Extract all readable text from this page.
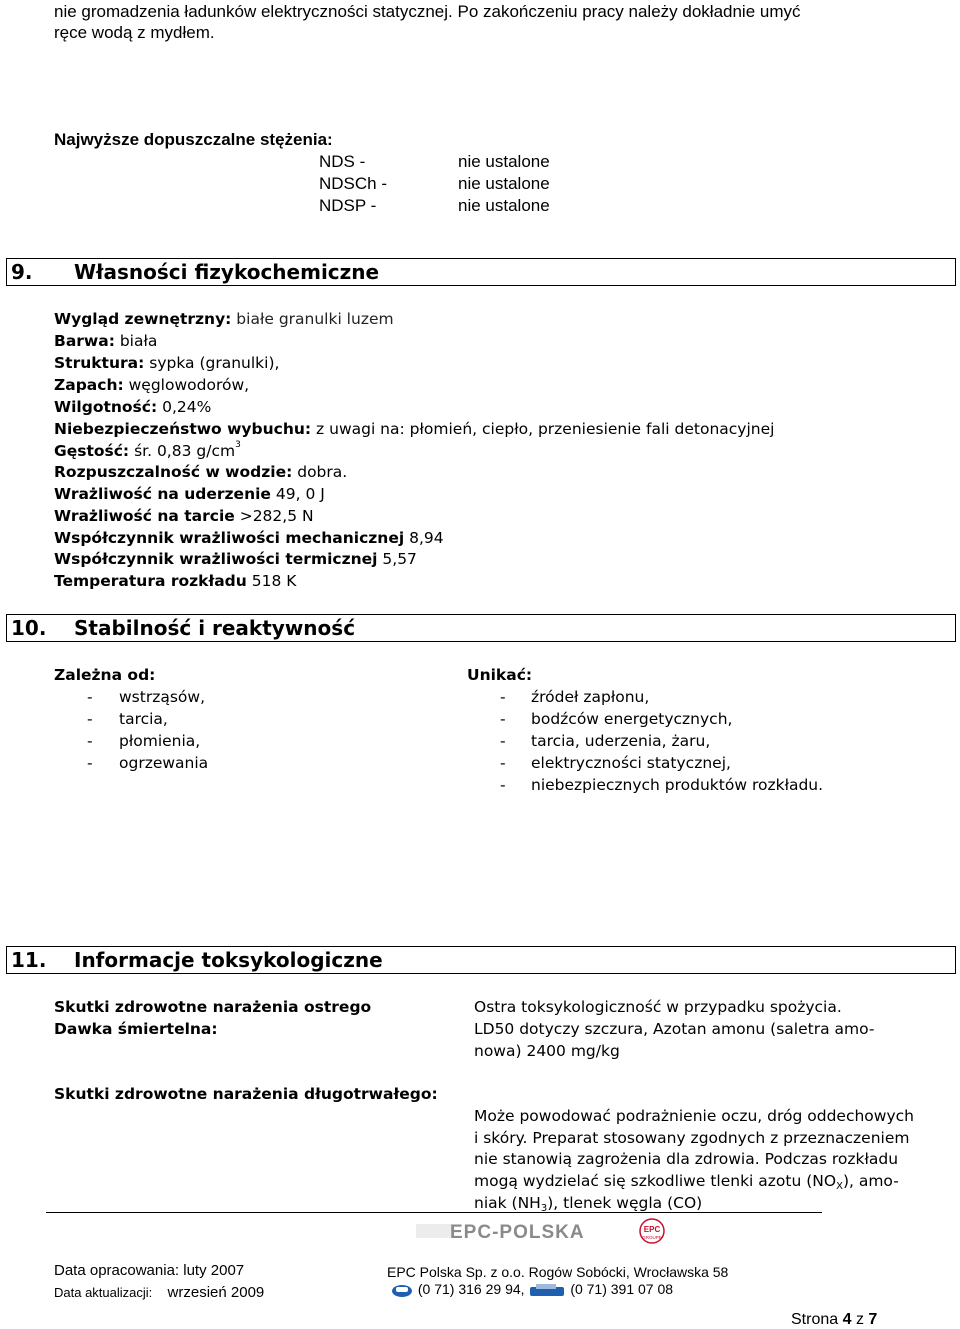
nie gromadzenia ładunków elektryczności statycznej. Po zakończeniu pracy należy dokładnie umyć
ręce wodą z mydłem.
Najwyższe dopuszczalne stężenia:
NDS -	nie ustalone
NDSCh -	nie ustalone
NDSP -	nie ustalone
9. Własności fizykochemiczne
Wygląd zewnętrzny: białe granulki luzem
Barwa: biała
Struktura: sypka (granulki),
Zapach: węglowodorów,
Wilgotność: 0,24%
Niebezpieczeństwo wybuchu: z uwagi na: płomień, ciepło, przeniesienie fali detonacyjnej
Gęstość: śr. 0,83 $g/cm^3$
Rozpuszczalność w wodzie: dobra.
Wrażliwość na uderzenie 49, 0 J
Wrażliwość na tarcie >282,5 N
Współczynnik wrażliwości mechanicznej 8,94
Współczynnik wrażliwości termicznej 5,57
Temperatura rozkładu 518 K
10. Stabilność i reaktywność
Zależna od:
- wstrząsów,
- tarcia,
- płomienia,
- ogrzewania
Unikać:
- źródeł zapłonu,
- bodźców energetycznych,
- tarcia, uderzenia, żaru,
- elektryczności statycznej,
- niebezpiecznych produktów rozkładu.
11. Informacje toksykologiczne
Skutki zdrowotne narażenia ostrego
Dawka śmiertelna:
Ostra toksykologiczność w przypadku spożycia.
LD50 dotyczy szczura, Azotan amonu (saletra amo-
nowa) 2400 mg/kg
Skutki zdrowotne narażenia długotrwałego:
Może powodować podrażnienie oczu, dróg oddechowych
i skóry. Preparat stosowany zgodnych z przeznaczeniem
nie stanowią zagrożenia dla zdrowia. Podczas rozkładu
mogą wydzielać się szkodliwe tlenki azotu $(NO_X)$, amo-
niak $(NH_3)$, tlenek węgla (CO)
EPC-POLSKA	EPC
GROUPE
Data opracowania: luty 2007
Data aktualizacji: wrzesień 2009
EPC Polska Sp. z o.o. Rogów Sobócki, Wrocławska 58
(0 71) 316 29 94,	(0 71) 391 07 08
Strona 4 z 7
